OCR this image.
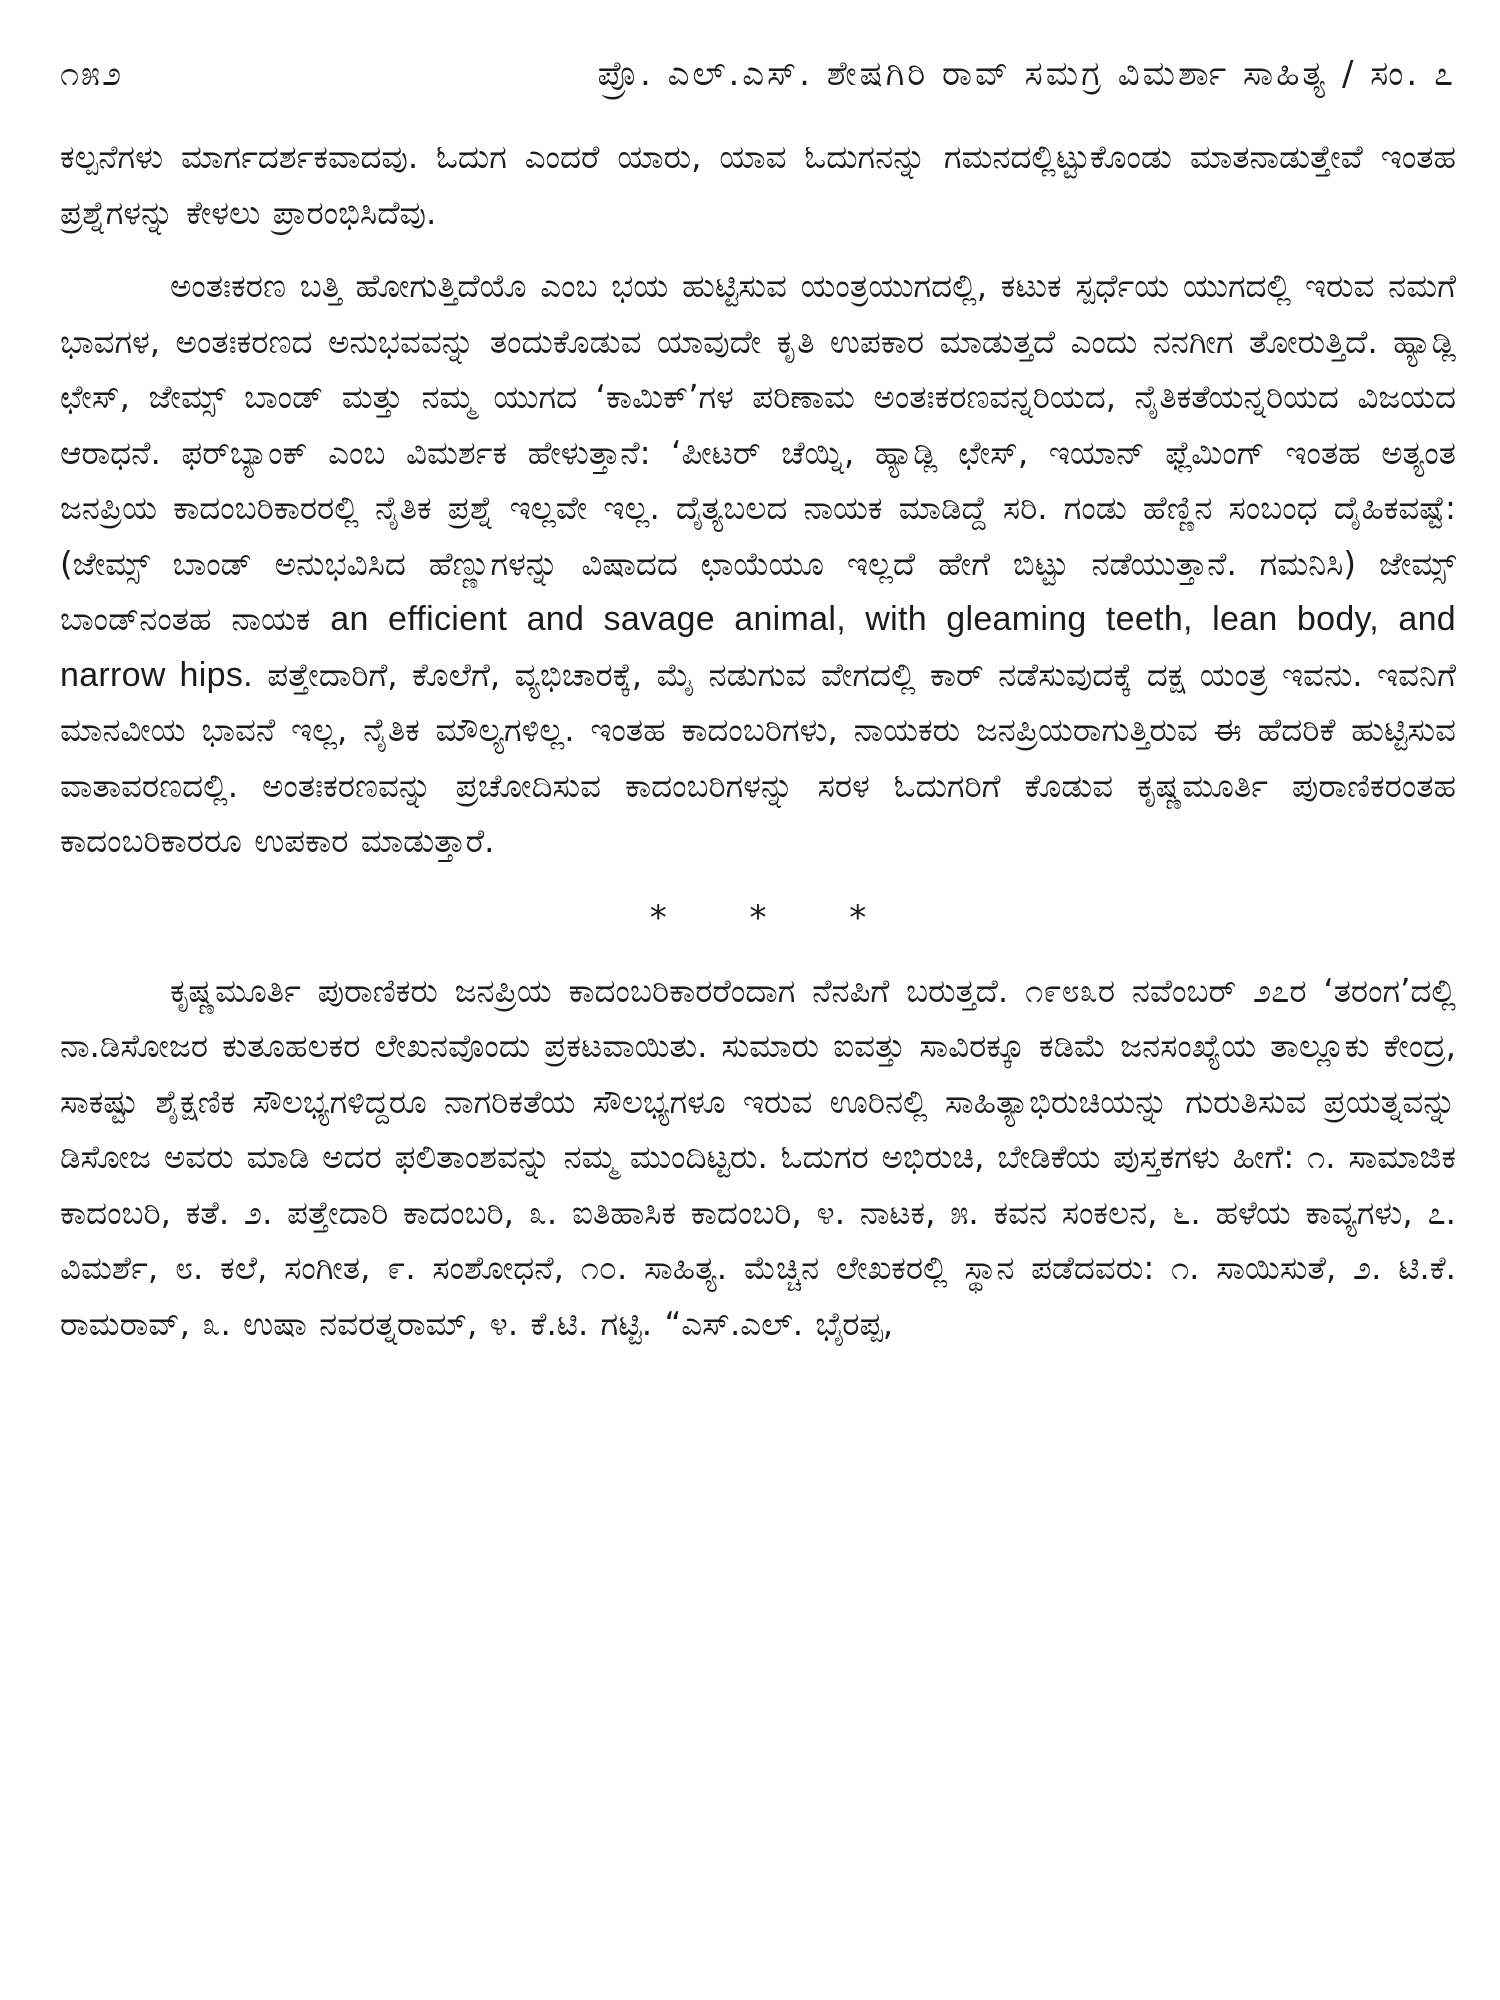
೧೫೨	ಪ್ರೊ. ಎಲ್.ಎಸ್. ಶೇಷಗಿರಿ ರಾವ್ ಸಮಗ್ರ ವಿಮರ್ಶಾ ಸಾಹಿತ್ಯ / ಸಂ. ೭

ಕಲ್ಪನೆಗಳು ಮಾರ್ಗದರ್ಶಕವಾದವು. ಓದುಗ ಎಂದರೆ ಯಾರು, ಯಾವ ಓದುಗನನ್ನು ಗಮನದಲ್ಲಿಟ್ಟುಕೊಂಡು ಮಾತನಾಡುತ್ತೇವೆ ಇಂತಹ ಪ್ರಶ್ನೆಗಳನ್ನು ಕೇಳಲು ಪ್ರಾರಂಭಿಸಿದೆವು.

ಅಂತಃಕರಣ ಬತ್ತಿ ಹೋಗುತ್ತಿದೆಯೊ ಎಂಬ ಭಯ ಹುಟ್ಟಿಸುವ ಯಂತ್ರಯುಗದಲ್ಲಿ, ಕಟುಕ ಸ್ಪರ್ಧೆಯ ಯುಗದಲ್ಲಿ ಇರುವ ನಮಗೆ ಭಾವಗಳ, ಅಂತಃಕರಣದ ಅನುಭವವನ್ನು ತಂದುಕೊಡುವ ಯಾವುದೇ ಕೃತಿ ಉಪಕಾರ ಮಾಡುತ್ತದೆ ಎಂದು ನನಗೀಗ ತೋರುತ್ತಿದೆ. ಹ್ಯಾಡ್ಲಿ ಛೇಸ್, ಜೇಮ್ಸ್ ಬಾಂಡ್ ಮತ್ತು ನಮ್ಮ ಯುಗದ ‘ಕಾಮಿಕ್’ಗಳ ಪರಿಣಾಮ ಅಂತಃಕರಣವನ್ನರಿಯದ, ನೈತಿಕತೆಯನ್ನರಿಯದ ವಿಜಯದ ಆರಾಧನೆ. ಫರ್‌ಬ್ಯಾಂಕ್ ಎಂಬ ವಿಮರ್ಶಕ ಹೇಳುತ್ತಾನೆ: ‘ಪೀಟರ್ ಚೆಯ್ನಿ, ಹ್ಯಾಡ್ಲಿ ಛೇಸ್, ಇಯಾನ್ ಫ್ಲೆಮಿಂಗ್ ಇಂತಹ ಅತ್ಯಂತ ಜನಪ್ರಿಯ ಕಾದಂಬರಿಕಾರರಲ್ಲಿ ನೈತಿಕ ಪ್ರಶ್ನೆ ಇಲ್ಲವೇ ಇಲ್ಲ. ದೈತ್ಯಬಲದ ನಾಯಕ ಮಾಡಿದ್ದೆ ಸರಿ. ಗಂಡು ಹೆಣ್ಣಿನ ಸಂಬಂಧ ದೈಹಿಕವಷ್ಟೆ: (ಜೇಮ್ಸ್ ಬಾಂಡ್ ಅನುಭವಿಸಿದ ಹೆಣ್ಣುಗಳನ್ನು ವಿಷಾದದ ಛಾಯೆಯೂ ಇಲ್ಲದೆ ಹೇಗೆ ಬಿಟ್ಟು ನಡೆಯುತ್ತಾನೆ. ಗಮನಿಸಿ) ಜೇಮ್ಸ್ ಬಾಂಡ್‌ನಂತಹ ನಾಯಕ an efficient and savage animal, with gleaming teeth, lean body, and narrow hips. ಪತ್ತೇದಾರಿಗೆ, ಕೊಲೆಗೆ, ವ್ಯಭಿಚಾರಕ್ಕೆ, ಮೈ ನಡುಗುವ ವೇಗದಲ್ಲಿ ಕಾರ್ ನಡೆಸುವುದಕ್ಕೆ ದಕ್ಷ ಯಂತ್ರ ಇವನು. ಇವನಿಗೆ ಮಾನವೀಯ ಭಾವನೆ ಇಲ್ಲ, ನೈತಿಕ ಮೌಲ್ಯಗಳಿಲ್ಲ. ಇಂತಹ ಕಾದಂಬರಿಗಳು, ನಾಯಕರು ಜನಪ್ರಿಯರಾಗುತ್ತಿರುವ ಈ ಹೆದರಿಕೆ ಹುಟ್ಟಿಸುವ ವಾತಾವರಣದಲ್ಲಿ. ಅಂತಃಕರಣವನ್ನು ಪ್ರಚೋದಿಸುವ ಕಾದಂಬರಿಗಳನ್ನು ಸರಳ ಓದುಗರಿಗೆ ಕೊಡುವ ಕೃಷ್ಣಮೂರ್ತಿ ಪುರಾಣಿಕರಂತಹ ಕಾದಂಬರಿಕಾರರೂ ಉಪಕಾರ ಮಾಡುತ್ತಾರೆ.

* * *

ಕೃಷ್ಣಮೂರ್ತಿ ಪುರಾಣಿಕರು ಜನಪ್ರಿಯ ಕಾದಂಬರಿಕಾರರೆಂದಾಗ ನೆನಪಿಗೆ ಬರುತ್ತದೆ. ೧೯೮೩ರ ನವೆಂಬರ್ ೨೭ರ ‘ತರಂಗ’ದಲ್ಲಿ ನಾ.ಡಿಸೋಜರ ಕುತೂಹಲಕರ ಲೇಖನವೊಂದು ಪ್ರಕಟವಾಯಿತು. ಸುಮಾರು ಐವತ್ತು ಸಾವಿರಕ್ಕೂ ಕಡಿಮೆ ಜನಸಂಖ್ಯೆಯ ತಾಲ್ಲೂಕು ಕೇಂದ್ರ, ಸಾಕಷ್ಟು ಶೈಕ್ಷಣಿಕ ಸೌಲಭ್ಯಗಳಿದ್ದರೂ ನಾಗರಿಕತೆಯ ಸೌಲಭ್ಯಗಳೂ ಇರುವ ಊರಿನಲ್ಲಿ ಸಾಹಿತ್ಯಾಭಿರುಚಿಯನ್ನು ಗುರುತಿಸುವ ಪ್ರಯತ್ನವನ್ನು ಡಿಸೋಜ ಅವರು ಮಾಡಿ ಅದರ ಫಲಿತಾಂಶವನ್ನು ನಮ್ಮ ಮುಂದಿಟ್ಟರು. ಓದುಗರ ಅಭಿರುಚಿ, ಬೇಡಿಕೆಯ ಪುಸ್ತಕಗಳು ಹೀಗೆ: ೧. ಸಾಮಾಜಿಕ ಕಾದಂಬರಿ, ಕತೆ. ೨. ಪತ್ತೇದಾರಿ ಕಾದಂಬರಿ, ೩. ಐತಿಹಾಸಿಕ ಕಾದಂಬರಿ, ೪. ನಾಟಕ, ೫. ಕವನ ಸಂಕಲನ, ೬. ಹಳೆಯ ಕಾವ್ಯಗಳು, ೭. ವಿಮರ್ಶೆ, ೮. ಕಲೆ, ಸಂಗೀತ, ೯. ಸಂಶೋಧನೆ, ೧೦. ಸಾಹಿತ್ಯ. ಮೆಚ್ಚಿನ ಲೇಖಕರಲ್ಲಿ ಸ್ಥಾನ ಪಡೆದವರು: ೧. ಸಾಯಿಸುತೆ, ೨. ಟಿ.ಕೆ. ರಾಮರಾವ್, ೩. ಉಷಾ ನವರತ್ನರಾಮ್, ೪. ಕೆ.ಟಿ. ಗಟ್ಟಿ. “ಎಸ್.ಎಲ್. ಭೈರಪ್ಪ,
